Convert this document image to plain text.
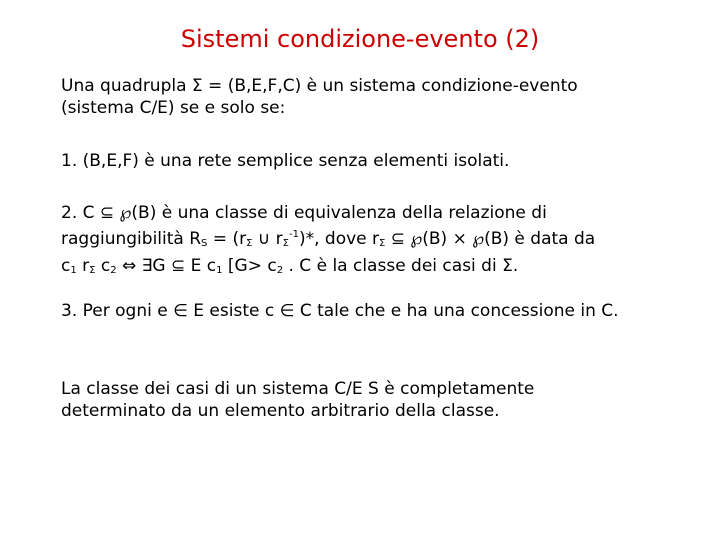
Sistemi condizione-evento (2)
Una quadrupla Σ = (B,E,F,C) è un sistema condizione-evento
(sistema C/E) se e solo se:
1. (B,E,F) è una rete semplice senza elementi isolati.
2. C ⊆ ℘(B) è una classe di equivalenza della relazione di
raggiungibilità $R_S = (r_\Sigma$ ∪ $r_\Sigma^{-1})*$, dove $r_\Sigma$ ⊆ ℘(B) × ℘(B) è data da
$c_1$ $r_\Sigma$ $c_2$ ⇔ ∃G ⊆ E $c_1$ [$G> c_2$ . C è la classe dei casi di Σ.
3. Per ogni e ∈ E esiste c ∈ C tale che e ha una concessione in C.
La classe dei casi di un sistema C/E S è completamente
determinato da un elemento arbitrario della classe.
